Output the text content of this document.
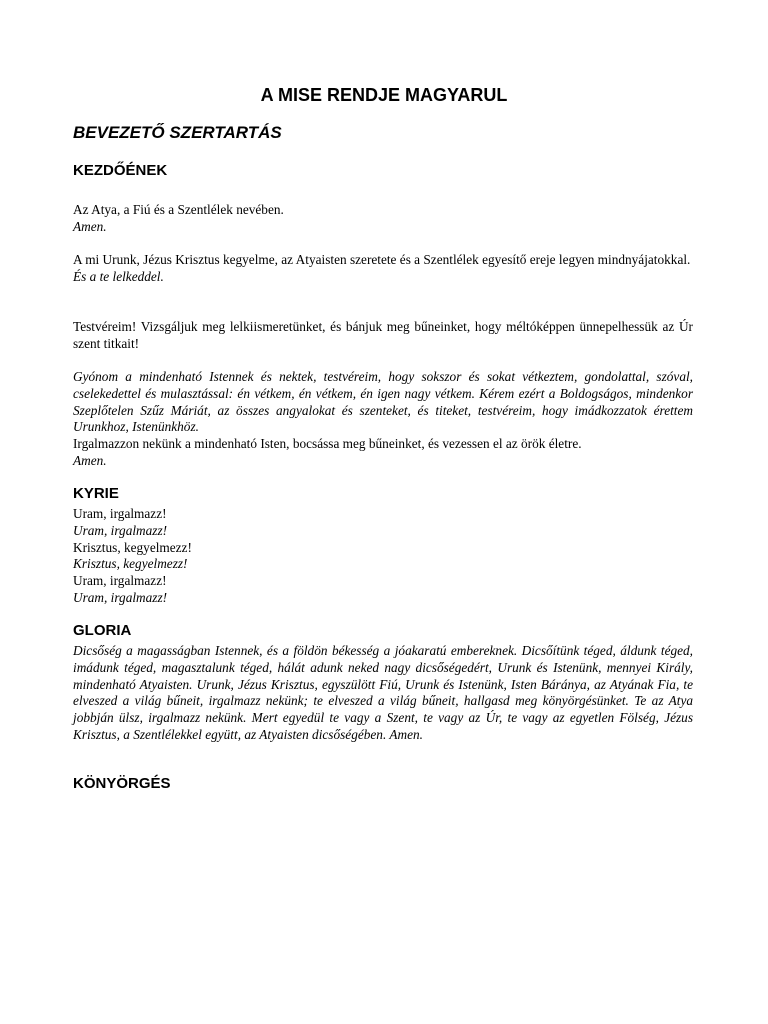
A MISE RENDJE MAGYARUL
BEVEZETŐ SZERTARTÁS
KEZDŐÉNEK
Az Atya, a Fiú és a Szentlélek nevében.
Amen.
A mi Urunk, Jézus Krisztus kegyelme, az Atyaisten szeretete és a Szentlélek egyesítő ereje legyen mindnyájatokkal.
És a te lelkeddel.
Testvéreim! Vizsgáljuk meg lelkiismeretünket, és bánjuk meg bűneinket, hogy méltóképpen ünnepelhessük az Úr szent titkait!
Gyónom a mindenható Istennek és nektek, testvéreim, hogy sokszor és sokat vétkeztem, gondolattal, szóval, cselekedettel és mulasztással: én vétkem, én vétkem, én igen nagy vétkem. Kérem ezért a Boldogságos, mindenkor Szeplőtelen Szűz Máriát, az összes angyalokat és szenteket, és titeket, testvéreim, hogy imádkozzatok érettem Urunkhoz, Istenünkhöz.
Irgalmazzon nekünk a mindenható Isten, bocsássa meg bűneinket, és vezessen el az örök életre.
Amen.
KYRIE
Uram, irgalmazz!
Uram, irgalmazz!
Krisztus, kegyelmezz!
Krisztus, kegyelmezz!
Uram, irgalmazz!
Uram, irgalmazz!
GLORIA
Dicsőség a magasságban Istennek, és a földön békesség a jóakaratú embereknek. Dicsőítünk téged, áldunk téged, imádunk téged, magasztalunk téged, hálát adunk neked nagy dicsőségedért, Urunk és Istenünk, mennyei Király, mindenható Atyaisten. Urunk, Jézus Krisztus, egyszülött Fiú, Urunk és Istenünk, Isten Báránya, az Atyának Fia, te elveszed a világ bűneit, irgalmazz nekünk; te elveszed a világ bűneit, hallgasd meg könyörgésünket. Te az Atya jobbján ülsz, irgalmazz nekünk. Mert egyedül te vagy a Szent, te vagy az Úr, te vagy az egyetlen Fölség, Jézus Krisztus, a Szentlélekkel együtt, az Atyaisten dicsőségében. Amen.
KÖNYÖRGÉS
